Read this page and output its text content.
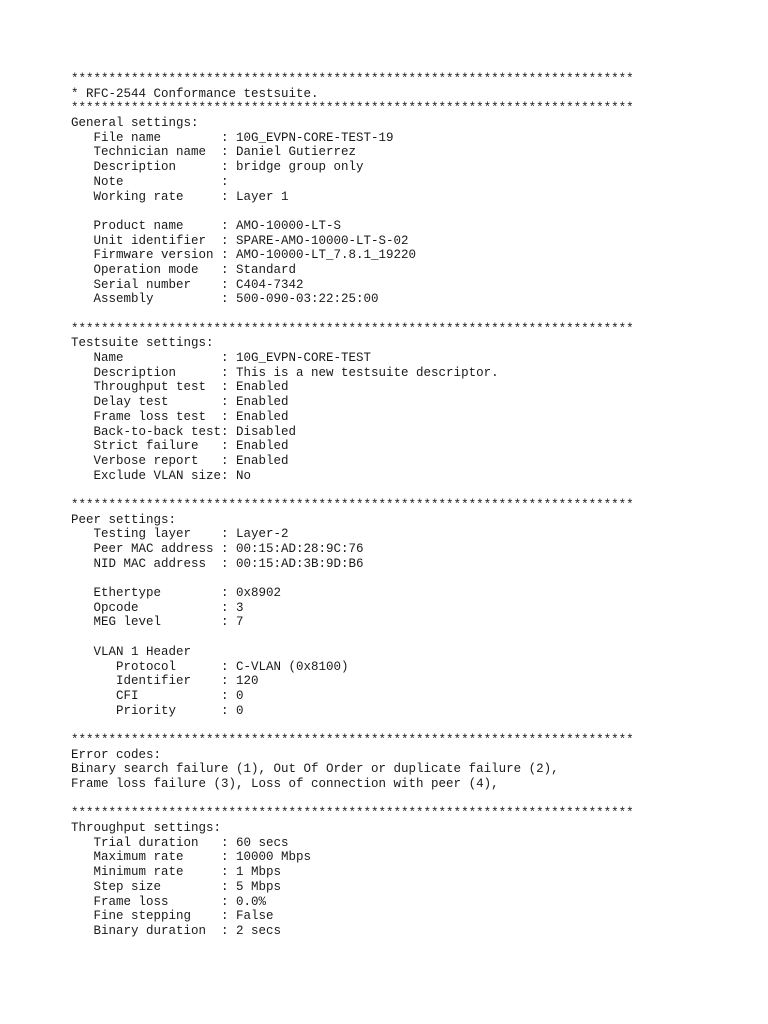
***************************************************************************
* RFC-2544 Conformance testsuite.
***************************************************************************
General settings:
File name        : 10G_EVPN-CORE-TEST-19
Technician name  : Daniel Gutierrez
Description      : bridge group only
Note             :
Working rate     : Layer 1
Product name     : AMO-10000-LT-S
Unit identifier  : SPARE-AMO-10000-LT-S-02
Firmware version : AMO-10000-LT_7.8.1_19220
Operation mode   : Standard
Serial number    : C404-7342
Assembly         : 500-090-03:22:25:00
***************************************************************************
Testsuite settings:
Name             : 10G_EVPN-CORE-TEST
Description      : This is a new testsuite descriptor.
Throughput test  : Enabled
Delay test       : Enabled
Frame loss test  : Enabled
Back-to-back test: Disabled
Strict failure   : Enabled
Verbose report   : Enabled
Exclude VLAN size: No
***************************************************************************
Peer settings:
Testing layer    : Layer-2
Peer MAC address : 00:15:AD:28:9C:76
NID MAC address  : 00:15:AD:3B:9D:B6
Ethertype        : 0x8902
Opcode           : 3
MEG level        : 7
VLAN 1 Header
Protocol      : C-VLAN (0x8100)
Identifier    : 120
CFI           : 0
Priority      : 0
***************************************************************************
Error codes:
Binary search failure (1), Out Of Order or duplicate failure (2),
Frame loss failure (3), Loss of connection with peer (4),
***************************************************************************
Throughput settings:
Trial duration   : 60 secs
Maximum rate     : 10000 Mbps
Minimum rate     : 1 Mbps
Step size        : 5 Mbps
Frame loss       : 0.0%
Fine stepping    : False
Binary duration  : 2 secs
